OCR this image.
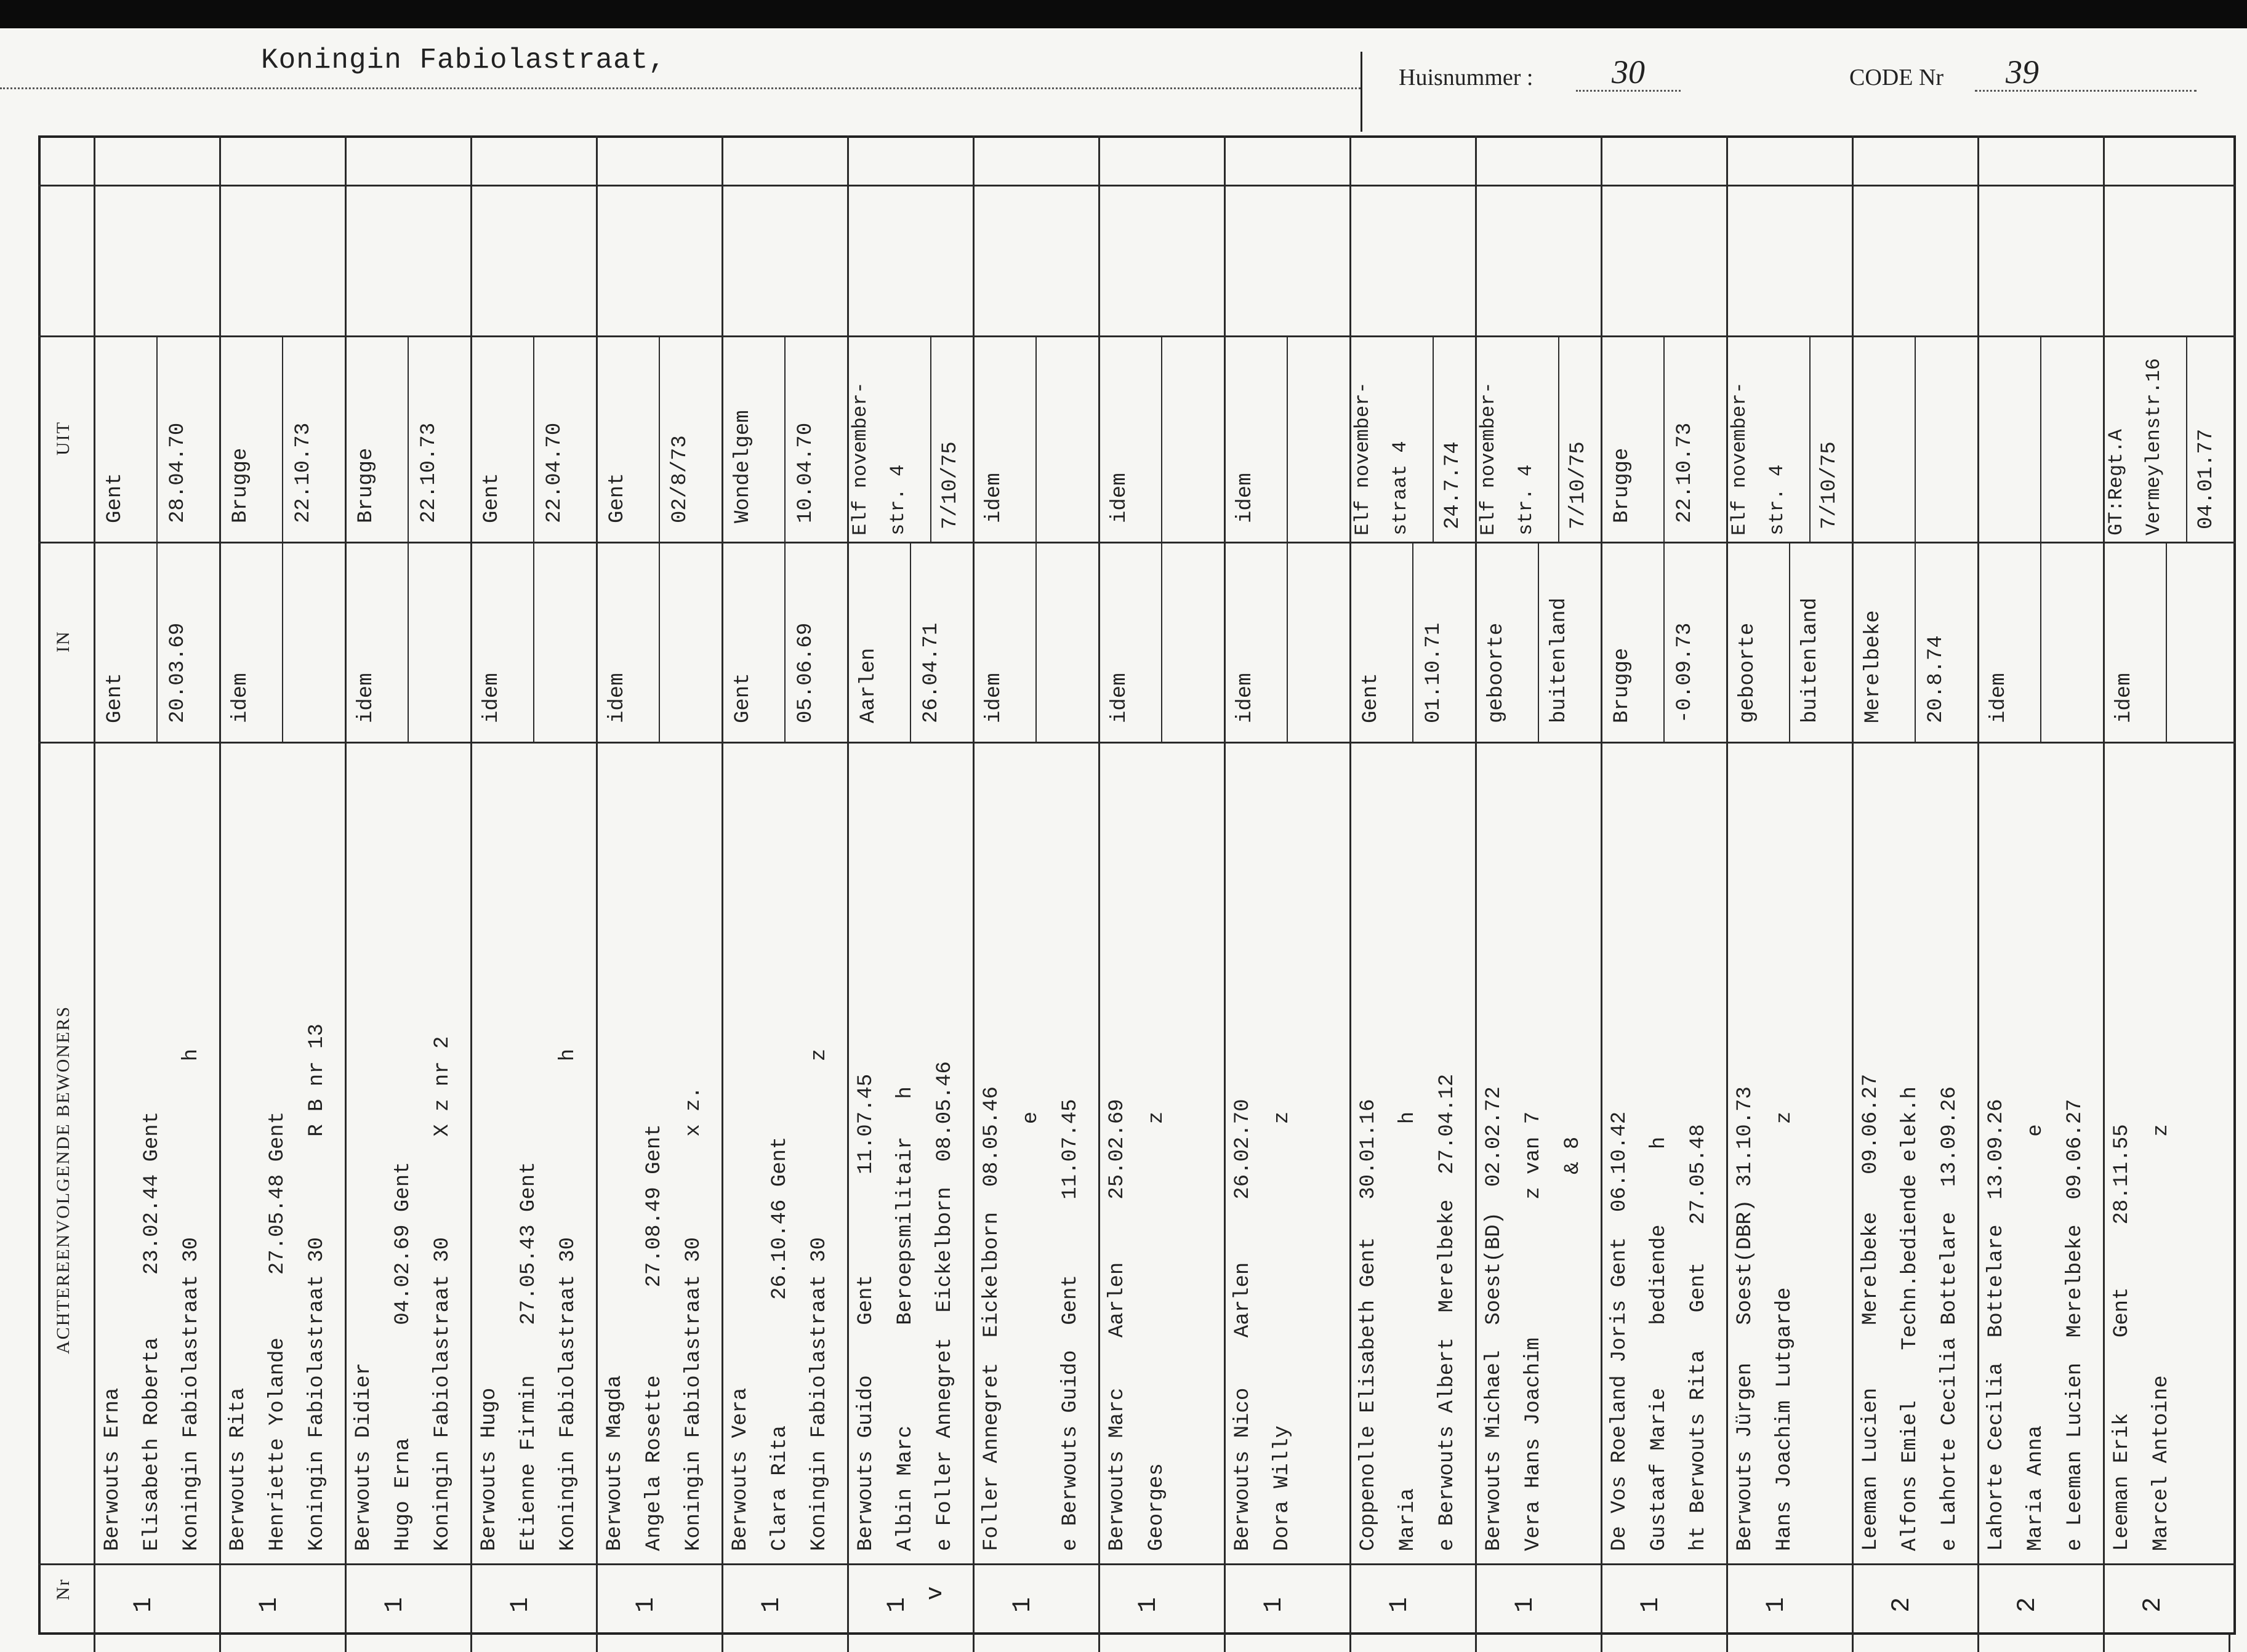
Koningin Fabiolastraat,
Huisnummer : 30	CODE Nr 39
Nr
ACHTEREENVOLGENDE BEWONERS
IN
UIT
1
Berwouts Erna Elisabeth Roberta     23.02.44 Gent Koningin Fabiolastraat 30              h
Gent 20.03.69
Gent 28.04.70
1
Berwouts Rita Henriette Yolande     27.05.48 Gent Koningin Fabiolastraat 30        R B nr 13
idem
Brugge 22.10.73
1
Berwouts Didier Hugo Erna         04.02.69 Gent Koningin Fabiolastraat 30        X z nr 2
idem
Brugge 22.10.73
1
Berwouts Hugo Etienne Firmin    27.05.43 Gent Koningin Fabiolastraat 30              h
idem
Gent 22.04.70
1
Berwouts Magda Angela Rosette       27.08.49 Gent Koningin Fabiolastraat 30        x z.
idem
Gent 02/8/73
1
Berwouts Vera Clara Rita          26.10.46 Gent Koningin Fabiolastraat 30              z
Gent 05.06.69
Wondelgem 10.04.70
1
v
Berwouts Guido    Gent        11.07.45 Albin Marc        Beroepsmilitair   h e Foller Annegret  Eickelborn  08.05.46
Aarlen 26.04.71
Elf november- str. 4 7/10/75
1
Foller Annegret  Eickelborn  08.05.46 e e Berwouts Guido  Gent      11.07.45
idem
idem
1
Berwouts Marc    Aarlen     25.02.69 Georges                           z
idem
idem
1
Berwouts Nico    Aarlen     26.02.70 Dora Willy                        z
idem
idem
1
Coppenolle Elisabeth Gent   30.01.16 Maria                             h e Berwouts Albert  Merelbeke  27.04.12
Gent 01.10.71
Elf november- straat 4 24.7.74
1
Berwouts Michael  Soest(BD)  02.02.72 Vera Hans Joachim           z van 7 & 8
geboorte buitenland
Elf november- str. 4 7/10/75
1
De Vos Roeland Joris Gent  06.10.42 Gustaaf Marie     bediende      h ht Berwouts Rita   Gent   27.05.48
Brugge -0.09.73
Brugge 22.10.73
1
Berwouts Jürgen   Soest(DBR) 31.10.73 Hans Joachim Lutgarde             z
geboorte buitenland
Elf november- str. 4 7/10/75
2
Leeman Lucien     Merelbeke   09.06.27 Alfons Emiel    Techn.bediende elek.h e Lahorte Cecilia Bottelare  13.09.26
Merelbeke 20.8.74
2
Lahorte Cecilia  Bottelare  13.09.26 Maria Anna                       e e Leeman Lucien  Merelbeke  09.06.27
idem
2
Leeman Erik      Gent     28.11.55 Marcel Antoine                   z
idem
GT:Regt.A Vermeylenstr.16 04.01.77
